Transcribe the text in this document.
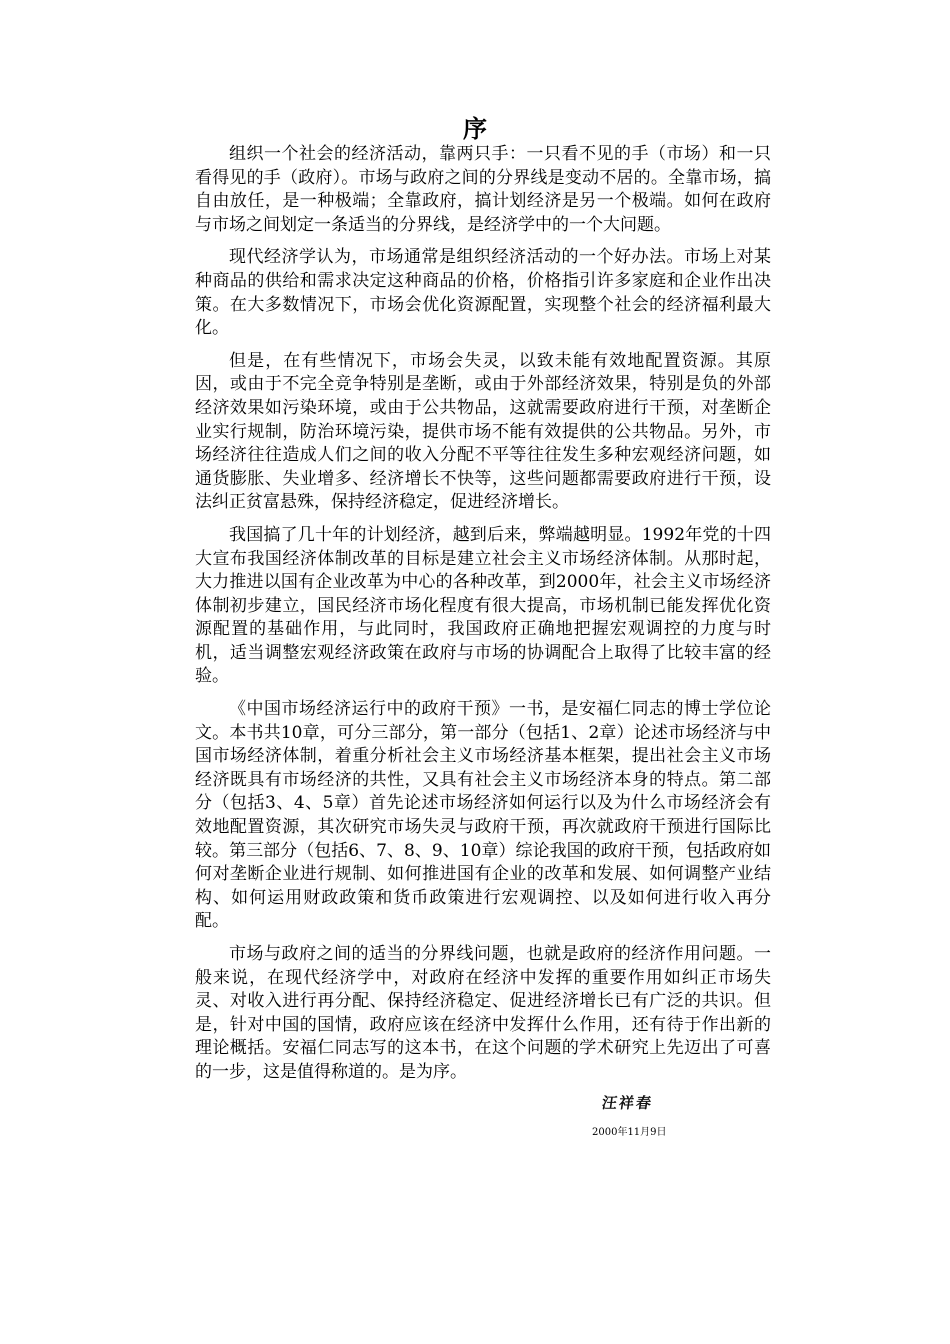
序

组织一个社会的经济活动，靠两只手：一只看不见的手（市场）和一只看得见的手（政府）。市场与政府之间的分界线是变动不居的。全靠市场，搞自由放任，是一种极端；全靠政府，搞计划经济是另一个极端。如何在政府与市场之间划定一条适当的分界线，是经济学中的一个大问题。

现代经济学认为，市场通常是组织经济活动的一个好办法。市场上对某种商品的供给和需求决定这种商品的价格，价格指引许多家庭和企业作出决策。在大多数情况下，市场会优化资源配置，实现整个社会的经济福利最大化。

但是，在有些情况下，市场会失灵，以致未能有效地配置资源。其原因，或由于不完全竞争特别是垄断，或由于外部经济效果，特别是负的外部经济效果如污染环境，或由于公共物品，这就需要政府进行干预，对垄断企业实行规制，防治环境污染，提供市场不能有效提供的公共物品。另外，市场经济往往造成人们之间的收入分配不平等往往发生多种宏观经济问题，如通货膨胀、失业增多、经济增长不快等，这些问题都需要政府进行干预，设法纠正贫富悬殊，保持经济稳定，促进经济增长。

我国搞了几十年的计划经济，越到后来，弊端越明显。1992年党的十四大宣布我国经济体制改革的目标是建立社会主义市场经济体制。从那时起，大力推进以国有企业改革为中心的各种改革，到2000年，社会主义市场经济体制初步建立，国民经济市场化程度有很大提高，市场机制已能发挥优化资源配置的基础作用，与此同时，我国政府正确地把握宏观调控的力度与时机，适当调整宏观经济政策在政府与市场的协调配合上取得了比较丰富的经验。

《中国市场经济运行中的政府干预》一书，是安福仁同志的博士学位论文。本书共10章，可分三部分，第一部分（包括1、2章）论述市场经济与中国市场经济体制，着重分析社会主义市场经济基本框架，提出社会主义市场经济既具有市场经济的共性，又具有社会主义市场经济本身的特点。第二部分（包括3、4、5章）首先论述市场经济如何运行以及为什么市场经济会有效地配置资源，其次研究市场失灵与政府干预，再次就政府干预进行国际比较。第三部分（包括6、7、8、9、10章）综论我国的政府干预，包括政府如何对垄断企业进行规制、如何推进国有企业的改革和发展、如何调整产业结构、如何运用财政政策和货币政策进行宏观调控、以及如何进行收入再分配。

市场与政府之间的适当的分界线问题，也就是政府的经济作用问题。一般来说，在现代经济学中，对政府在经济中发挥的重要作用如纠正市场失灵、对收入进行再分配、保持经济稳定、促进经济增长已有广泛的共识。但是，针对中国的国情，政府应该在经济中发挥什么作用，还有待于作出新的理论概括。安福仁同志写的这本书，在这个问题的学术研究上先迈出了可喜的一步，这是值得称道的。是为序。

汪祥春
2000年11月9日
